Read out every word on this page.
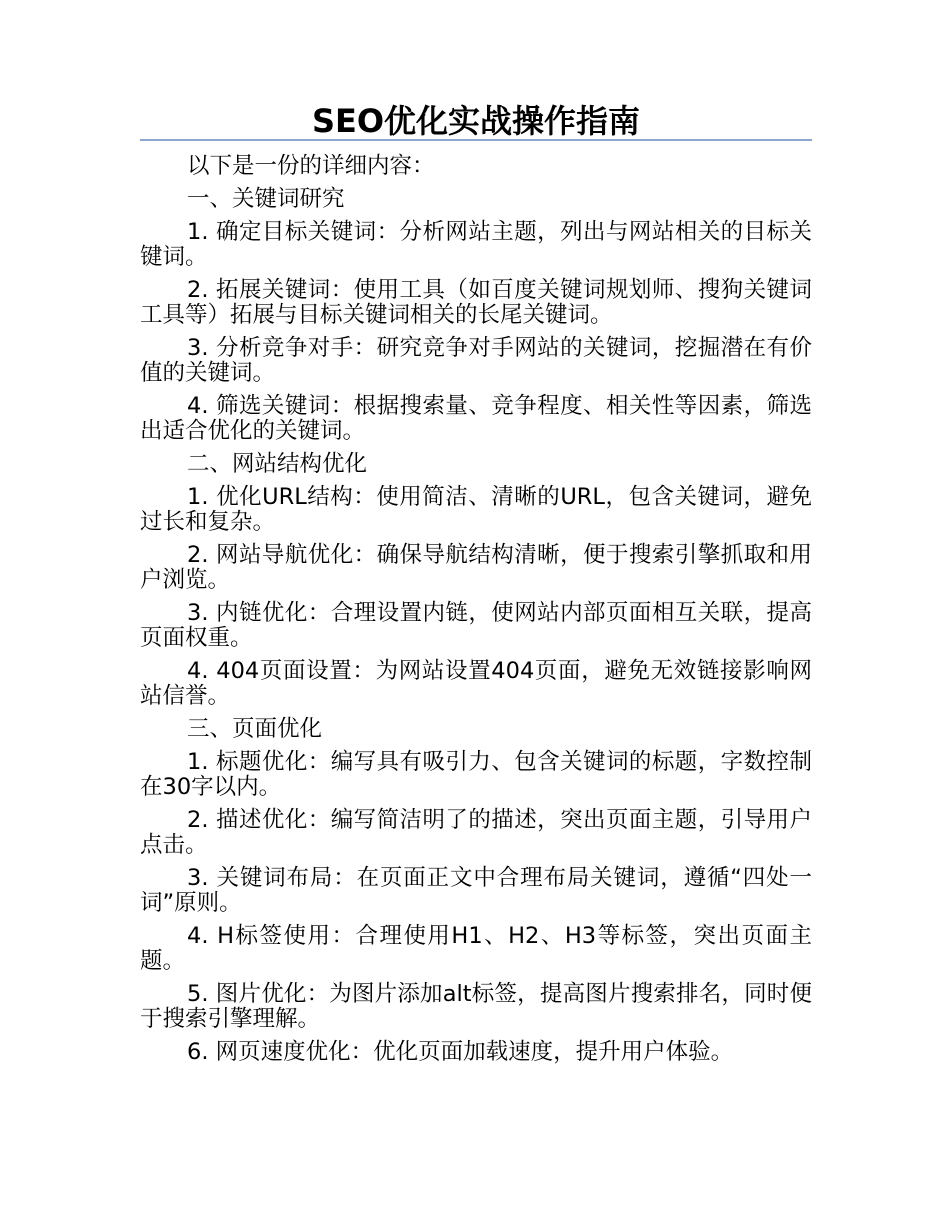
SEO优化实战操作指南

以下是一份的详细内容：

一、关键词研究

1. 确定目标关键词：分析网站主题，列出与网站相关的目标关键词。

2. 拓展关键词：使用工具（如百度关键词规划师、搜狗关键词工具等）拓展与目标关键词相关的长尾关键词。

3. 分析竞争对手：研究竞争对手网站的关键词，挖掘潜在有价值的关键词。

4. 筛选关键词：根据搜索量、竞争程度、相关性等因素，筛选出适合优化的关键词。

二、网站结构优化

1. 优化URL结构：使用简洁、清晰的URL，包含关键词，避免过长和复杂。

2. 网站导航优化：确保导航结构清晰，便于搜索引擎抓取和用户浏览。

3. 内链优化：合理设置内链，使网站内部页面相互关联，提高页面权重。

4. 404页面设置：为网站设置404页面，避免无效链接影响网站信誉。

三、页面优化

1. 标题优化：编写具有吸引力、包含关键词的标题，字数控制在30字以内。

2. 描述优化：编写简洁明了的描述，突出页面主题，引导用户点击。

3. 关键词布局：在页面正文中合理布局关键词，遵循“四处一词”原则。

4. H标签使用：合理使用H1、H2、H3等标签，突出页面主题。

5. 图片优化：为图片添加alt标签，提高图片搜索排名，同时便于搜索引擎理解。

6. 网页速度优化：优化页面加载速度，提升用户体验。
